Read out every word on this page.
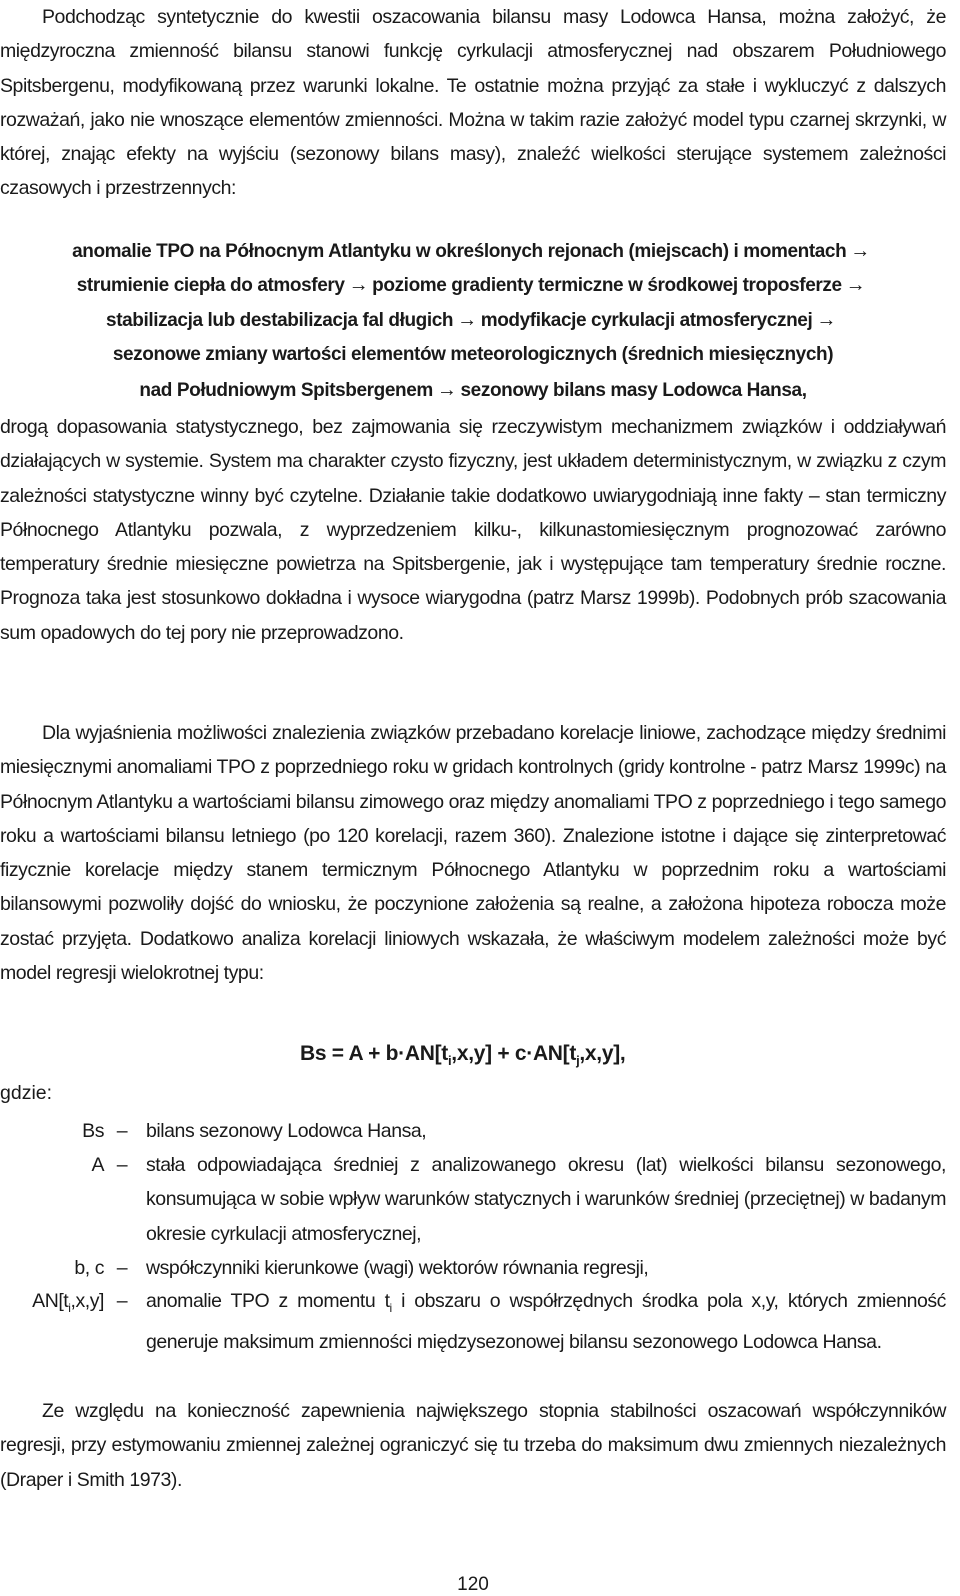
Podchodząc syntetycznie do kwestii oszacowania bilansu masy Lodowca Hansa, można założyć, że międzyroczna zmienność bilansu stanowi funkcję cyrkulacji atmosferycznej nad obszarem Południowego Spitsbergenu, modyfikowaną przez warunki lokalne. Te ostatnie można przyjąć za stałe i wykluczyć z dalszych rozważań, jako nie wnoszące elementów zmienności. Można w takim razie założyć model typu czarnej skrzynki, w której, znając efekty na wyjściu (sezonowy bilans masy), znaleźć wielkości sterujące systemem zależności czasowych i przestrzennych:

anomalie TPO na Północnym Atlantyku w określonych rejonach (miejscach) i momentach →
strumienie ciepła do atmosfery → poziome gradienty termiczne w środkowej troposferze →
stabilizacja lub destabilizacja fal długich → modyfikacje cyrkulacji atmosferycznej →
sezonowe zmiany wartości elementów meteorologicznych (średnich miesięcznych)
nad Południowym Spitsbergenem → sezonowy bilans masy Lodowca Hansa,

drogą dopasowania statystycznego, bez zajmowania się rzeczywistym mechanizmem związków i oddziaływań działających w systemie. System ma charakter czysto fizyczny, jest układem deterministycznym, w związku z czym zależności statystyczne winny być czytelne. Działanie takie dodatkowo uwiarygodniają inne fakty – stan termiczny Północnego Atlantyku pozwala, z wyprzedzeniem kilku-, kilkunastomiesięcznym prognozować zarówno temperatury średnie miesięczne powietrza na Spitsbergenie, jak i występujące tam temperatury średnie roczne. Prognoza taka jest stosunkowo dokładna i wysoce wiarygodna (patrz Marsz 1999b). Podobnych prób szacowania sum opadowych do tej pory nie przeprowadzono.

Dla wyjaśnienia możliwości znalezienia związków przebadano korelacje liniowe, zachodzące między średnimi miesięcznymi anomaliami TPO z poprzedniego roku w gridach kontrolnych (gridy kontrolne - patrz Marsz 1999c) na Północnym Atlantyku a wartościami bilansu zimowego oraz między anomaliami TPO z poprzedniego i tego samego roku a wartościami bilansu letniego (po 120 korelacji, razem 360). Znalezione istotne i dające się zinterpretować fizycznie korelacje między stanem termicznym Północnego Atlantyku w poprzednim roku a wartościami bilansowymi pozwoliły dojść do wniosku, że poczynione założenia są realne, a założona hipoteza robocza może zostać przyjęta. Dodatkowo analiza korelacji liniowych wskazała, że właściwym modelem zależności może być model regresji wielokrotnej typu:

$Bs = A + b\cdot AN[t_i,x,y] + c\cdot AN[t_j,x,y]$,
gdzie:
Bs – bilans sezonowy Lodowca Hansa,
A – stała odpowiadająca średniej z analizowanego okresu (lat) wielkości bilansu sezonowego, konsumująca w sobie wpływ warunków statycznych i warunków średniej (przeciętnej) w badanym okresie cyrkulacji atmosferycznej,
b, c – współczynniki kierunkowe (wagi) wektorów równania regresji,
$AN[t_i,x,y]$ – anomalie TPO z momentu $t_i$ i obszaru o współrzędnych środka pola x,y, których zmienność generuje maksimum zmienności międzysezonowej bilansu sezonowego Lodowca Hansa.

Ze względu na konieczność zapewnienia największego stopnia stabilności oszacowań współczynników regresji, przy estymowaniu zmiennej zależnej ograniczyć się tu trzeba do maksimum dwu zmiennych niezależnych (Draper i Smith 1973).

120
